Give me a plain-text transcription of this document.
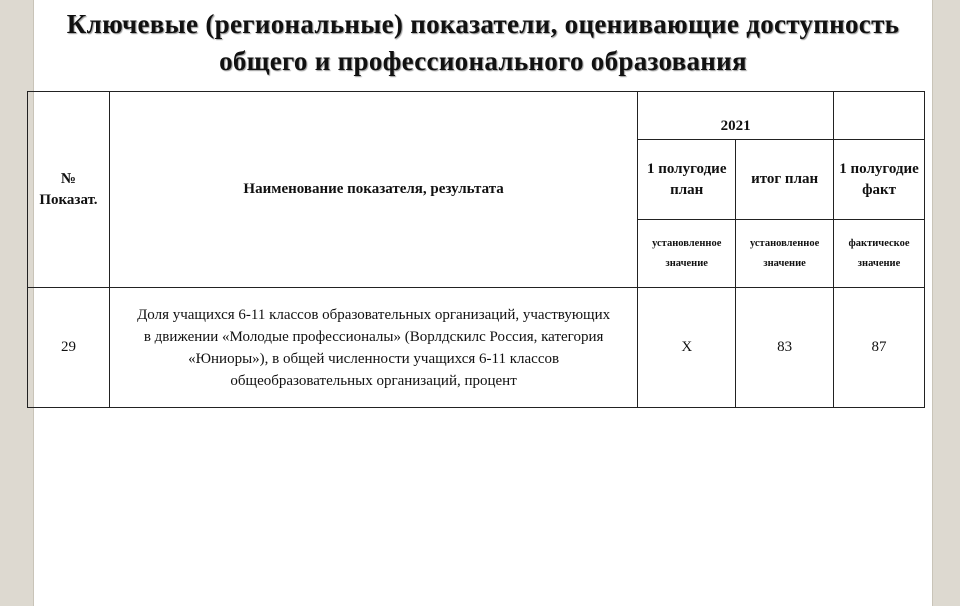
Ключевые (региональные) показатели, оценивающие доступность
общего и профессионального образования
№ Показат.	Наименование показателя, результата	2021		
		1 полугодие план	итог план	1 полугодие факт
		установленное значение	установленное значение	фактическое значение
29	Доля учащихся 6-11 классов образовательных организаций, участвующих в движении «Молодые профессионалы» (Ворлдскилс Россия, категория «Юниоры»), в общей численности учащихся 6-11 классов общеобразовательных организаций, процент	Х	83	87
